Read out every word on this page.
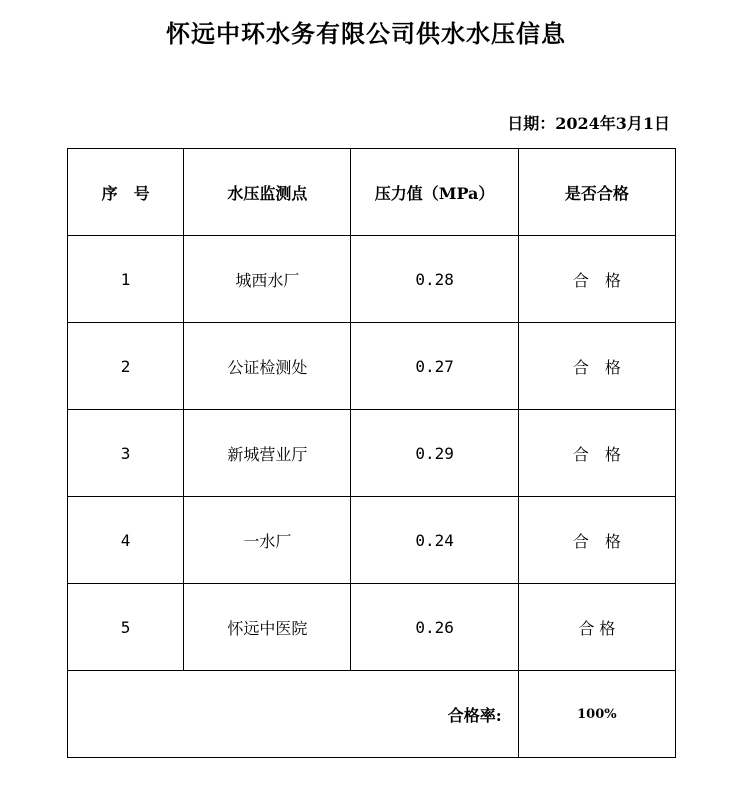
怀远中环水务有限公司供水水压信息
日期：2024年3月1日
序　号	水压监测点	压力值（MPa）	是否合格
1	城西水厂	0.28	合　格
2	公证检测处	0.27	合　格
3	新城营业厅	0.29	合　格
4	一水厂	0.24	合　格
5	怀远中医院	0.26	合 格
合格率:			100%
